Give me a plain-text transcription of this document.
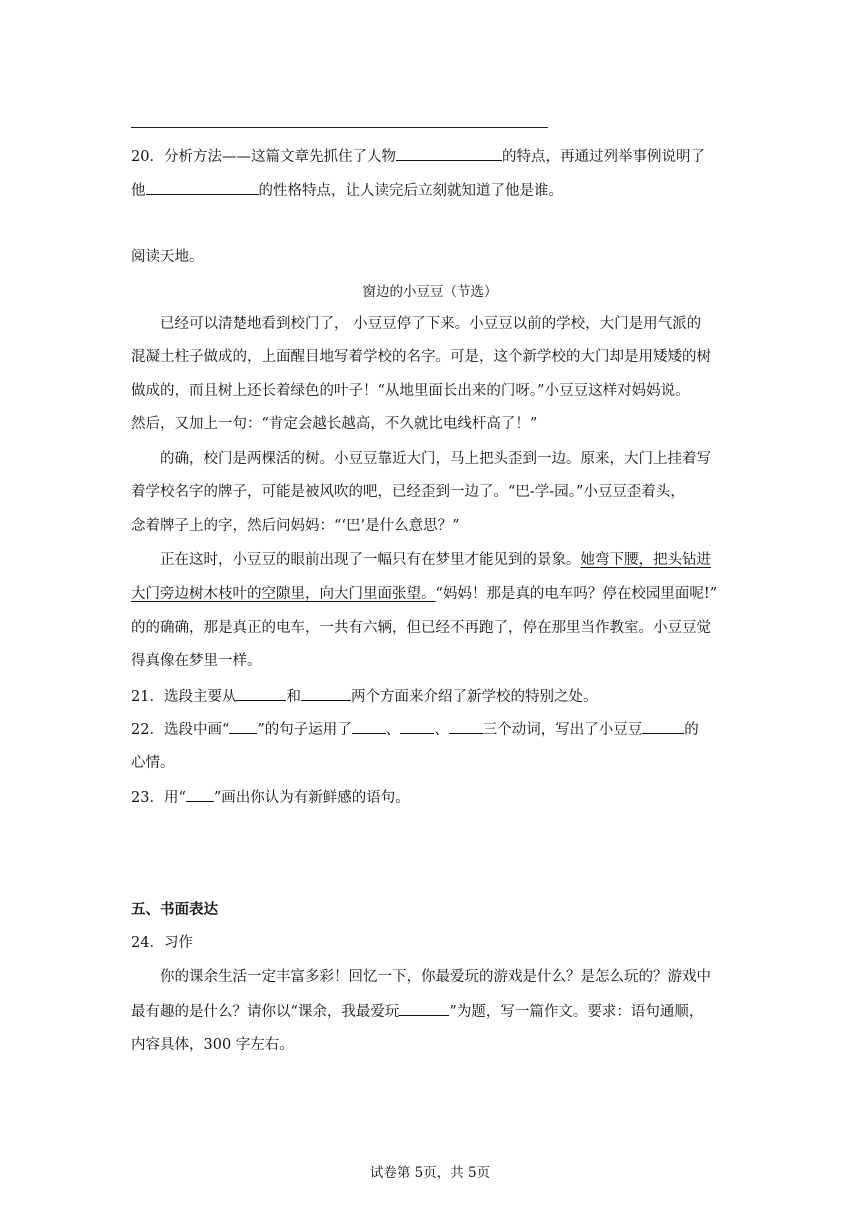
20．分析方法——这篇文章先抓住了人物	的特点，再通过列举事例说明了
他	的性格特点，让人读完后立刻就知道了他是谁。
阅读天地。
窗边的小豆豆（节选）
已经可以清楚地看到校门了， 小豆豆停了下来。小豆豆以前的学校，大门是用气派的
混凝土柱子做成的，上面醒目地写着学校的名字。可是，这个新学校的大门却是用矮矮的树
做成的，而且树上还长着绿色的叶子！“从地里面长出来的门呀。”小豆豆这样对妈妈说。
然后，又加上一句：“肯定会越长越高，不久就比电线杆高了！”
的确，校门是两棵活的树。小豆豆靠近大门，马上把头歪到一边。原来，大门上挂着写
着学校名字的牌子，可能是被风吹的吧，已经歪到一边了。“巴-学-园。”小豆豆歪着头，
念着牌子上的字，然后问妈妈：“‘巴’是什么意思？”
正在这时，小豆豆的眼前出现了一幅只有在梦里才能见到的景象。她弯下腰，把头钻进
大门旁边树木枝叶的空隙里，向大门里面张望。“妈妈！那是真的电车吗？停在校园里面呢!”
的的确确，那是真正的电车，一共有六辆，但已经不再跑了，停在那里当作教室。小豆豆觉
得真像在梦里一样。
21．选段主要从	和	两个方面来介绍了新学校的特别之处。
22．选段中画“ ”的句子运用了 、 、 三个动词，写出了小豆豆	的
心情。
23．用“ ”画出你认为有新鲜感的语句。
五、书面表达
24．习作
你的课余生活一定丰富多彩！回忆一下，你最爱玩的游戏是什么？是怎么玩的？游戏中
最有趣的是什么？请你以“课余，我最爱玩	”为题，写一篇作文。要求：语句通顺，
内容具体，300 字左右。
试卷第 5页，共 5页
